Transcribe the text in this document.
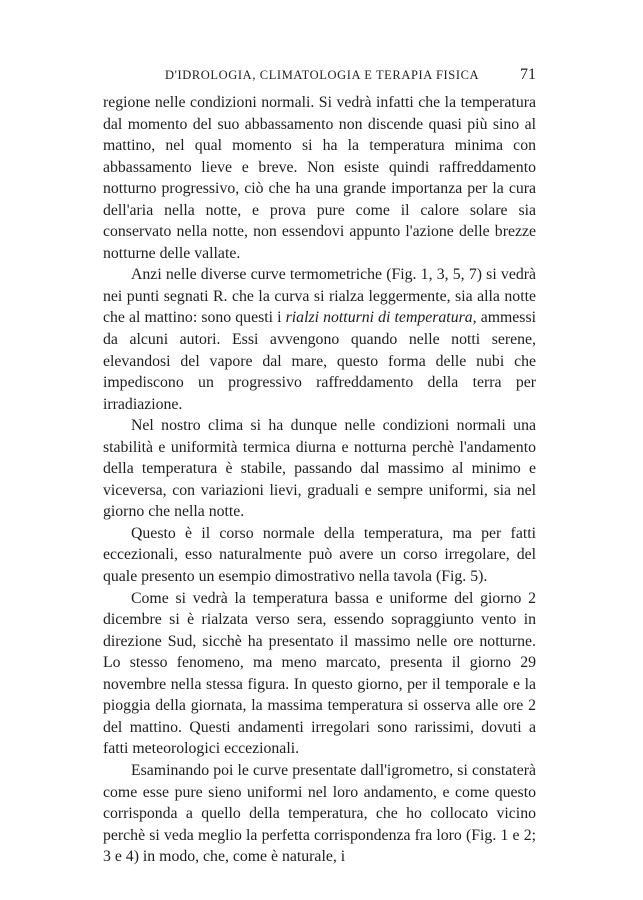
D'IDROLOGIA, CLIMATOLOGIA E TERAPIA FISICA	71

regione nelle condizioni normali. Si vedrà infatti che la temperatura dal momento del suo abbassamento non discende quasi più sino al mattino, nel qual momento si ha la temperatura minima con abbassamento lieve e breve. Non esiste quindi raffreddamento notturno progressivo, ciò che ha una grande importanza per la cura dell'aria nella notte, e prova pure come il calore solare sia conservato nella notte, non essendovi appunto l'azione delle brezze notturne delle vallate.

Anzi nelle diverse curve termometriche (Fig. 1, 3, 5, 7) si vedrà nei punti segnati R. che la curva si rialza leggermente, sia alla notte che al mattino: sono questi i rialzi notturni di temperatura, ammessi da alcuni autori. Essi avvengono quando nelle notti serene, elevandosi del vapore dal mare, questo forma delle nubi che impediscono un progressivo raffreddamento della terra per irradiazione.

Nel nostro clima si ha dunque nelle condizioni normali una stabilità e uniformità termica diurna e notturna perchè l'andamento della temperatura è stabile, passando dal massimo al minimo e viceversa, con variazioni lievi, graduali e sempre uniformi, sia nel giorno che nella notte.

Questo è il corso normale della temperatura, ma per fatti eccezionali, esso naturalmente può avere un corso irregolare, del quale presento un esempio dimostrativo nella tavola (Fig. 5).

Come si vedrà la temperatura bassa e uniforme del giorno 2 dicembre si è rialzata verso sera, essendo sopraggiunto vento in direzione Sud, sicchè ha presentato il massimo nelle ore notturne. Lo stesso fenomeno, ma meno marcato, presenta il giorno 29 novembre nella stessa figura. In questo giorno, per il temporale e la pioggia della giornata, la massima temperatura si osserva alle ore 2 del mattino. Questi andamenti irregolari sono rarissimi, dovuti a fatti meteorologici eccezionali.

Esaminando poi le curve presentate dall'igrometro, si constaterà come esse pure sieno uniformi nel loro andamento, e come questo corrisponda a quello della temperatura, che ho collocato vicino perchè si veda meglio la perfetta corrispondenza fra loro (Fig. 1 e 2; 3 e 4) in modo, che, come è naturale, i
